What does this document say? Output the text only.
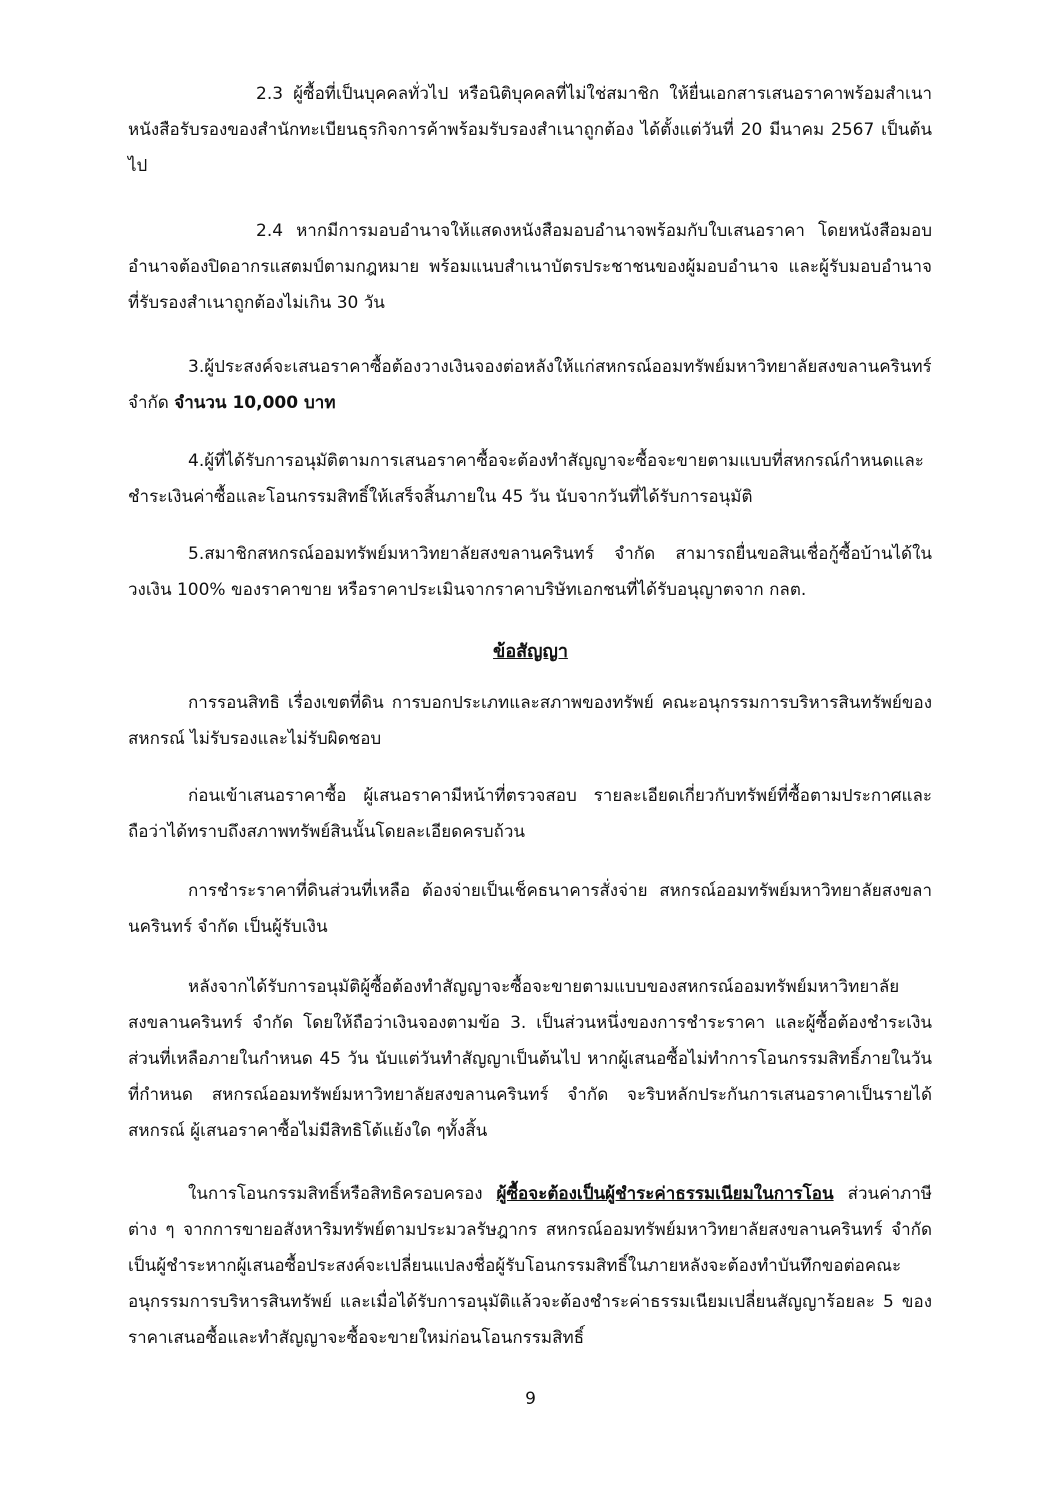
2.3 ผู้ซื้อที่เป็นบุคคลทั่วไป หรือนิติบุคคลที่ไม่ใช่สมาชิก ให้ยื่นเอกสารเสนอราคาพร้อมสำเนาหนังสือรับรองของสำนักทะเบียนธุรกิจการค้าพร้อมรับรองสำเนาถูกต้อง ได้ตั้งแต่วันที่ 20 มีนาคม 2567 เป็นต้นไป

2.4 หากมีการมอบอำนาจให้แสดงหนังสือมอบอำนาจพร้อมกับใบเสนอราคา โดยหนังสือมอบอำนาจต้องปิดอากรแสตมป์ตามกฎหมาย พร้อมแนบสำเนาบัตรประชาชนของผู้มอบอำนาจ และผู้รับมอบอำนาจที่รับรองสำเนาถูกต้องไม่เกิน 30 วัน

3.ผู้ประสงค์จะเสนอราคาซื้อต้องวางเงินจองต่อหลังให้แก่สหกรณ์ออมทรัพย์มหาวิทยาลัยสงขลานครินทร์ จำกัด จำนวน 10,000 บาท

4.ผู้ที่ได้รับการอนุมัติตามการเสนอราคาซื้อจะต้องทำสัญญาจะซื้อจะขายตามแบบที่สหกรณ์กำหนดและชำระเงินค่าซื้อและโอนกรรมสิทธิ์ให้เสร็จสิ้นภายใน 45 วัน นับจากวันที่ได้รับการอนุมัติ

5.สมาชิกสหกรณ์ออมทรัพย์มหาวิทยาลัยสงขลานครินทร์ จำกัด สามารถยื่นขอสินเชื่อกู้ซื้อบ้านได้ในวงเงิน 100% ของราคาขาย หรือราคาประเมินจากราคาบริษัทเอกชนที่ได้รับอนุญาตจาก กลต.

ข้อสัญญา

การรอนสิทธิ เรื่องเขตที่ดิน การบอกประเภทและสภาพของทรัพย์ คณะอนุกรรมการบริหารสินทรัพย์ของสหกรณ์ ไม่รับรองและไม่รับผิดชอบ

ก่อนเข้าเสนอราคาซื้อ ผู้เสนอราคามีหน้าที่ตรวจสอบ รายละเอียดเกี่ยวกับทรัพย์ที่ซื้อตามประกาศและถือว่าได้ทราบถึงสภาพทรัพย์สินนั้นโดยละเอียดครบถ้วน

การชำระราคาที่ดินส่วนที่เหลือ ต้องจ่ายเป็นเช็คธนาคารสั่งจ่าย สหกรณ์ออมทรัพย์มหาวิทยาลัยสงขลานครินทร์ จำกัด เป็นผู้รับเงิน

หลังจากได้รับการอนุมัติผู้ซื้อต้องทำสัญญาจะซื้อจะขายตามแบบของสหกรณ์ออมทรัพย์มหาวิทยาลัยสงขลานครินทร์ จำกัด โดยให้ถือว่าเงินจองตามข้อ 3. เป็นส่วนหนึ่งของการชำระราคา และผู้ซื้อต้องชำระเงินส่วนที่เหลือภายในกำหนด 45 วัน นับแต่วันทำสัญญาเป็นต้นไป หากผู้เสนอซื้อไม่ทำการโอนกรรมสิทธิ์ภายในวันที่กำหนด สหกรณ์ออมทรัพย์มหาวิทยาลัยสงขลานครินทร์ จำกัด จะริบหลักประกันการเสนอราคาเป็นรายได้สหกรณ์ ผู้เสนอราคาซื้อไม่มีสิทธิโต้แย้งใด ๆทั้งสิ้น

ในการโอนกรรมสิทธิ์หรือสิทธิครอบครอง ผู้ซื้อจะต้องเป็นผู้ชำระค่าธรรมเนียมในการโอน ส่วนค่าภาษีต่าง ๆ จากการขายอสังหาริมทรัพย์ตามประมวลรัษฎากร สหกรณ์ออมทรัพย์มหาวิทยาลัยสงขลานครินทร์ จำกัด เป็นผู้ชำระหากผู้เสนอซื้อประสงค์จะเปลี่ยนแปลงชื่อผู้รับโอนกรรมสิทธิ์ในภายหลังจะต้องทำบันทึกขอต่อคณะอนุกรรมการบริหารสินทรัพย์ และเมื่อได้รับการอนุมัติแล้วจะต้องชำระค่าธรรมเนียมเปลี่ยนสัญญาร้อยละ 5 ของราคาเสนอซื้อและทำสัญญาจะซื้อจะขายใหม่ก่อนโอนกรรมสิทธิ์

9
